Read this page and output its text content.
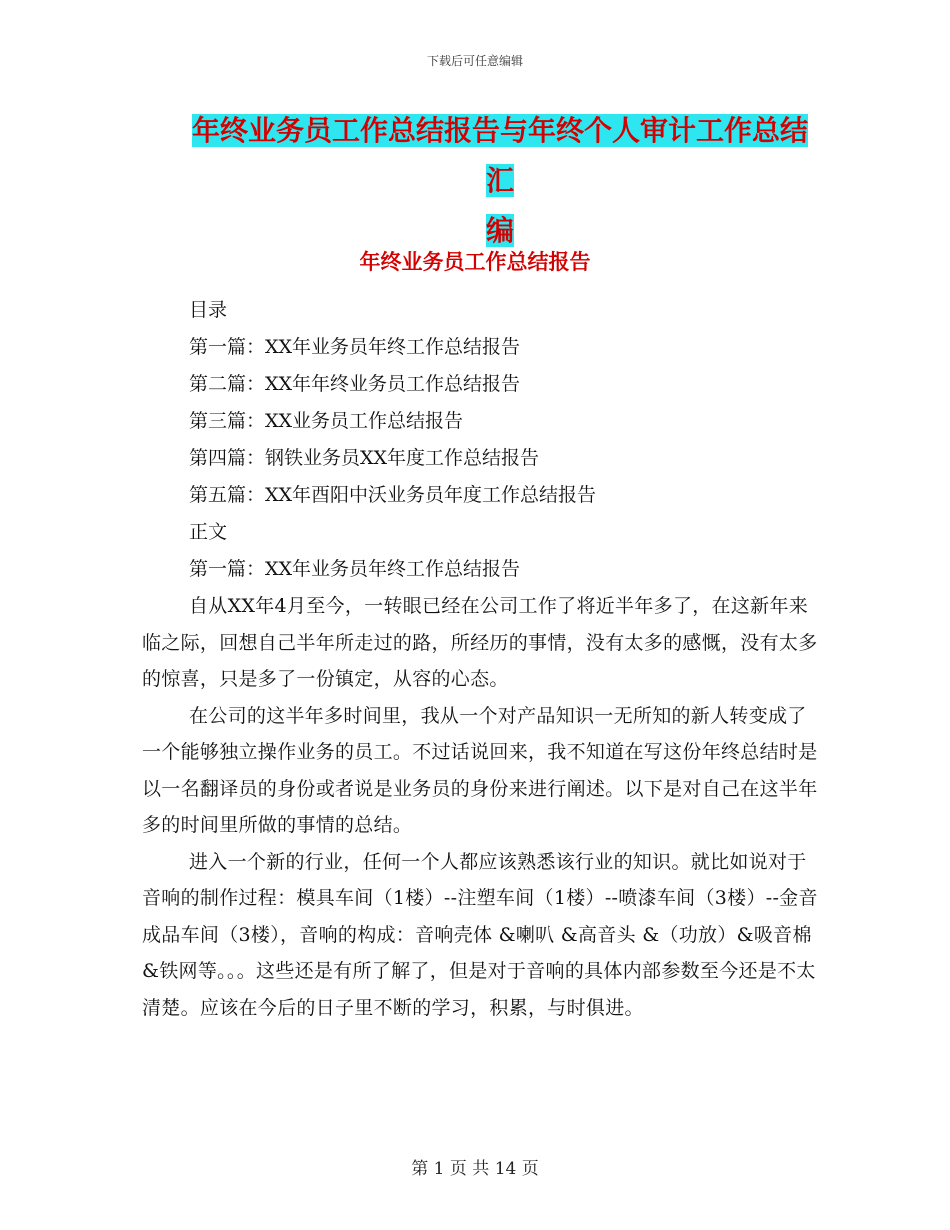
下载后可任意编辑
年终业务员工作总结报告与年终个人审计工作总结汇
编
年终业务员工作总结报告
目录
第一篇：XX年业务员年终工作总结报告
第二篇：XX年年终业务员工作总结报告
第三篇：XX业务员工作总结报告
第四篇：钢铁业务员XX年度工作总结报告
第五篇：XX年酉阳中沃业务员年度工作总结报告
正文
第一篇：XX年业务员年终工作总结报告

自从XX年4月至今，一转眼已经在公司工作了将近半年多了，在这新年来临之际，回想自己半年所走过的路，所经历的事情，没有太多的感慨，没有太多的惊喜，只是多了一份镇定，从容的心态。

在公司的这半年多时间里，我从一个对产品知识一无所知的新人转变成了一个能够独立操作业务的员工。不过话说回来，我不知道在写这份年终总结时是以一名翻译员的身份或者说是业务员的身份来进行阐述。以下是对自己在这半年多的时间里所做的事情的总结。

进入一个新的行业，任何一个人都应该熟悉该行业的知识。就比如说对于音响的制作过程：模具车间（1楼）--注塑车间（1楼）--喷漆车间（3楼）--金音成品车间（3楼），音响的构成：音响壳体 &喇叭 &高音头 &（功放）&吸音棉 &铁网等。。。这些还是有所了解了，但是对于音响的具体内部参数至今还是不太清楚。应该在今后的日子里不断的学习，积累，与时俱进。

第 1 页 共 14 页
